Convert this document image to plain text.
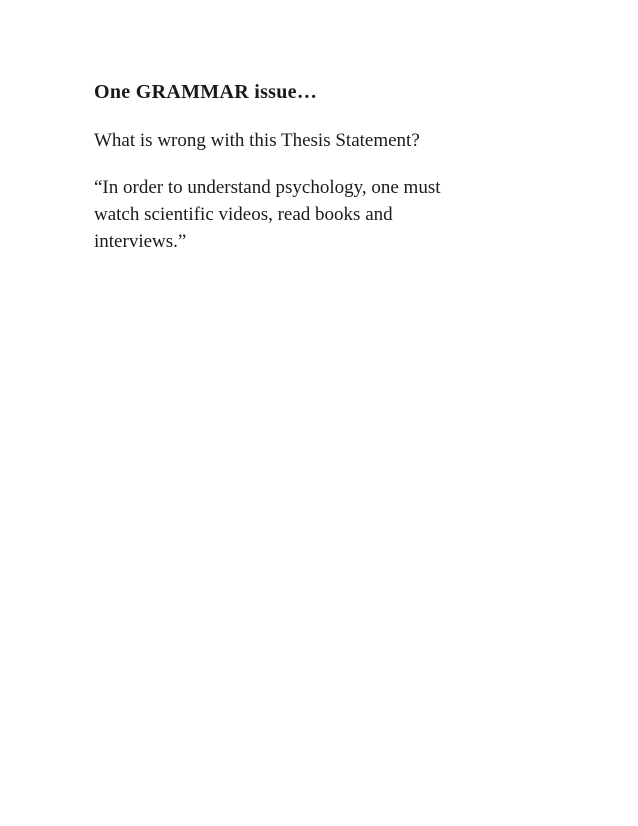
One GRAMMAR issue…

What is wrong with this Thesis Statement?

“In order to understand psychology, one must
watch scientific videos, read books and
interviews.”
